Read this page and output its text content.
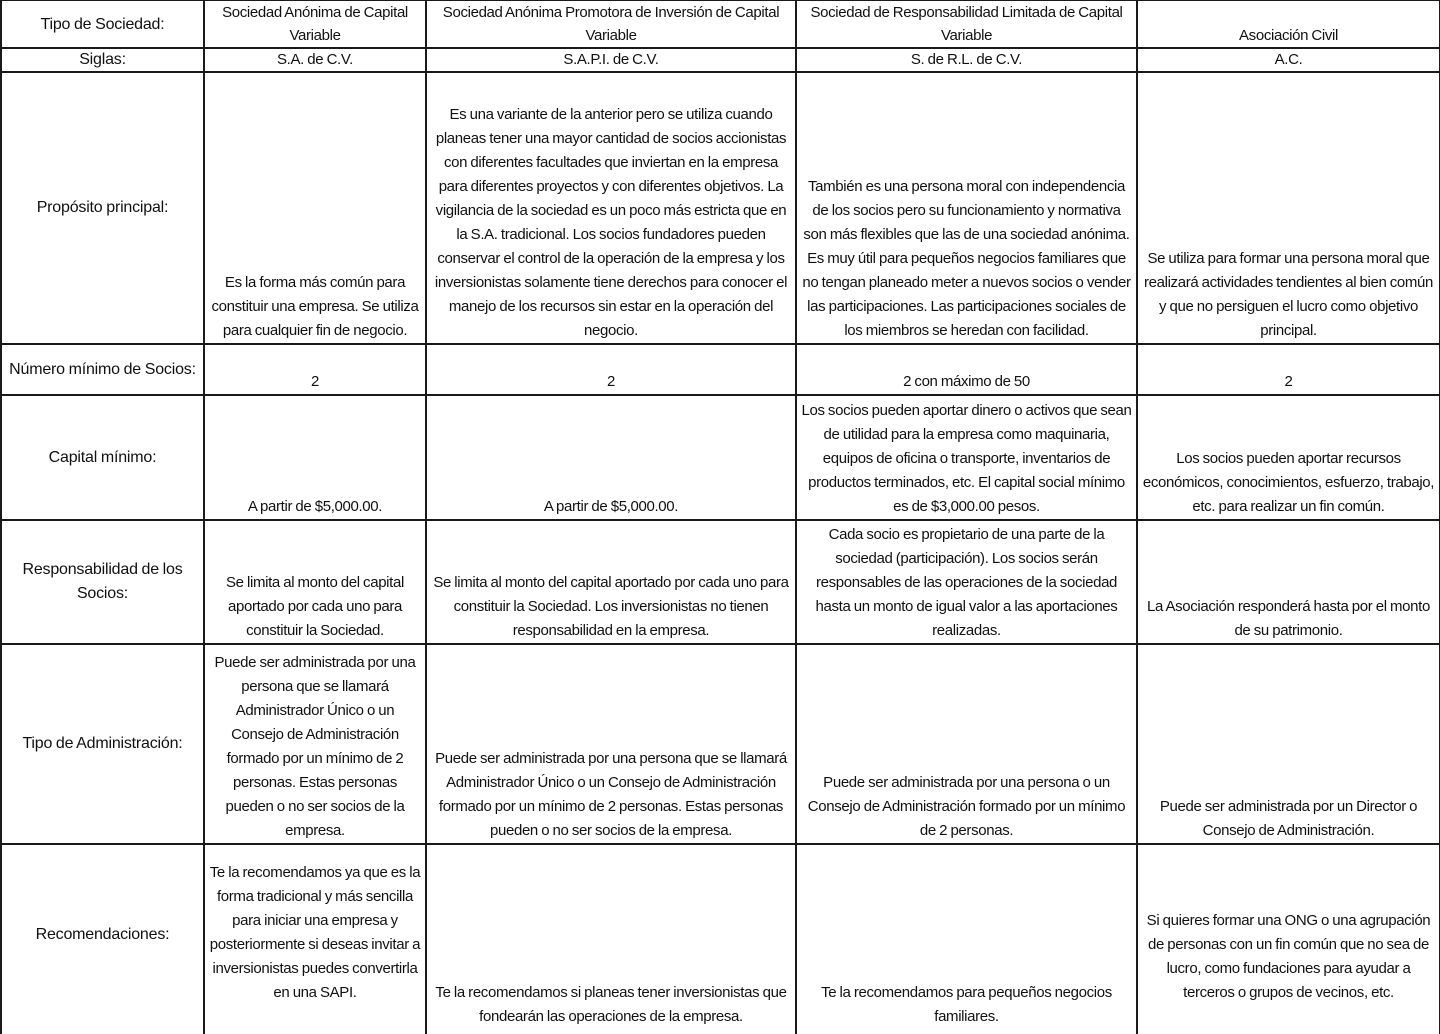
Tipo de Sociedad:	Sociedad Anónima de Capital Variable	Sociedad Anónima Promotora de Inversión de Capital Variable	Sociedad de Responsabilidad Limitada de Capital Variable	Asociación Civil
Siglas:	S.A. de C.V.	S.A.P.I. de C.V.	S. de R.L. de C.V.	A.C.
Propósito principal:	Es la forma más común para constituir una empresa. Se utiliza para cualquier fin de negocio.	Es una variante de la anterior pero se utiliza cuando planeas tener una mayor cantidad de socios accionistas con diferentes facultades que inviertan en la empresa para diferentes proyectos y con diferentes objetivos. La vigilancia de la sociedad es un poco más estricta que en la S.A. tradicional. Los socios fundadores pueden conservar el control de la operación de la empresa y los inversionistas solamente tiene derechos para conocer el manejo de los recursos sin estar en la operación del negocio.	También es una persona moral con independencia de los socios pero su funcionamiento y normativa son más flexibles que las de una sociedad anónima. Es muy útil para pequeños negocios familiares que no tengan planeado meter a nuevos socios o vender las participaciones. Las participaciones sociales de los miembros se heredan con facilidad.	Se utiliza para formar una persona moral que realizará actividades tendientes al bien común y que no persiguen el lucro como objetivo principal.
Número mínimo de Socios:	2	2	2 con máximo de 50	2
Capital mínimo:	A partir de $5,000.00.	A partir de $5,000.00.	Los socios pueden aportar dinero o activos que sean de utilidad para la empresa como maquinaria, equipos de oficina o transporte, inventarios de productos terminados, etc. El capital social mínimo es de $3,000.00 pesos.	Los socios pueden aportar recursos económicos, conocimientos, esfuerzo, trabajo, etc. para realizar un fin común.
Responsabilidad de los Socios:	Se limita al monto del capital aportado por cada uno para constituir la Sociedad.	Se limita al monto del capital aportado por cada uno para constituir la Sociedad. Los inversionistas no tienen responsabilidad en la empresa.	Cada socio es propietario de una parte de la sociedad (participación). Los socios serán responsables de las operaciones de la sociedad hasta un monto de igual valor a las aportaciones realizadas.	La Asociación responderá hasta por el monto de su patrimonio.
Tipo de Administración:	Puede ser administrada por una persona que se llamará Administrador Único o un Consejo de Administración formado por un mínimo de 2 personas. Estas personas pueden o no ser socios de la empresa.	Puede ser administrada por una persona que se llamará Administrador Único o un Consejo de Administración formado por un mínimo de 2 personas. Estas personas pueden o no ser socios de la empresa.	Puede ser administrada por una persona o un Consejo de Administración formado por un mínimo de 2 personas.	Puede ser administrada por un Director o Consejo de Administración.
Recomendaciones:	Te la recomendamos ya que es la forma tradicional y más sencilla para iniciar una empresa y posteriormente si deseas invitar a inversionistas puedes convertirla en una SAPI.	Te la recomendamos si planeas tener inversionistas que fondearán las operaciones de la empresa.	Te la recomendamos para pequeños negocios familiares.	Si quieres formar una ONG o una agrupación de personas con un fin común que no sea de lucro, como fundaciones para ayudar a terceros o grupos de vecinos, etc.
